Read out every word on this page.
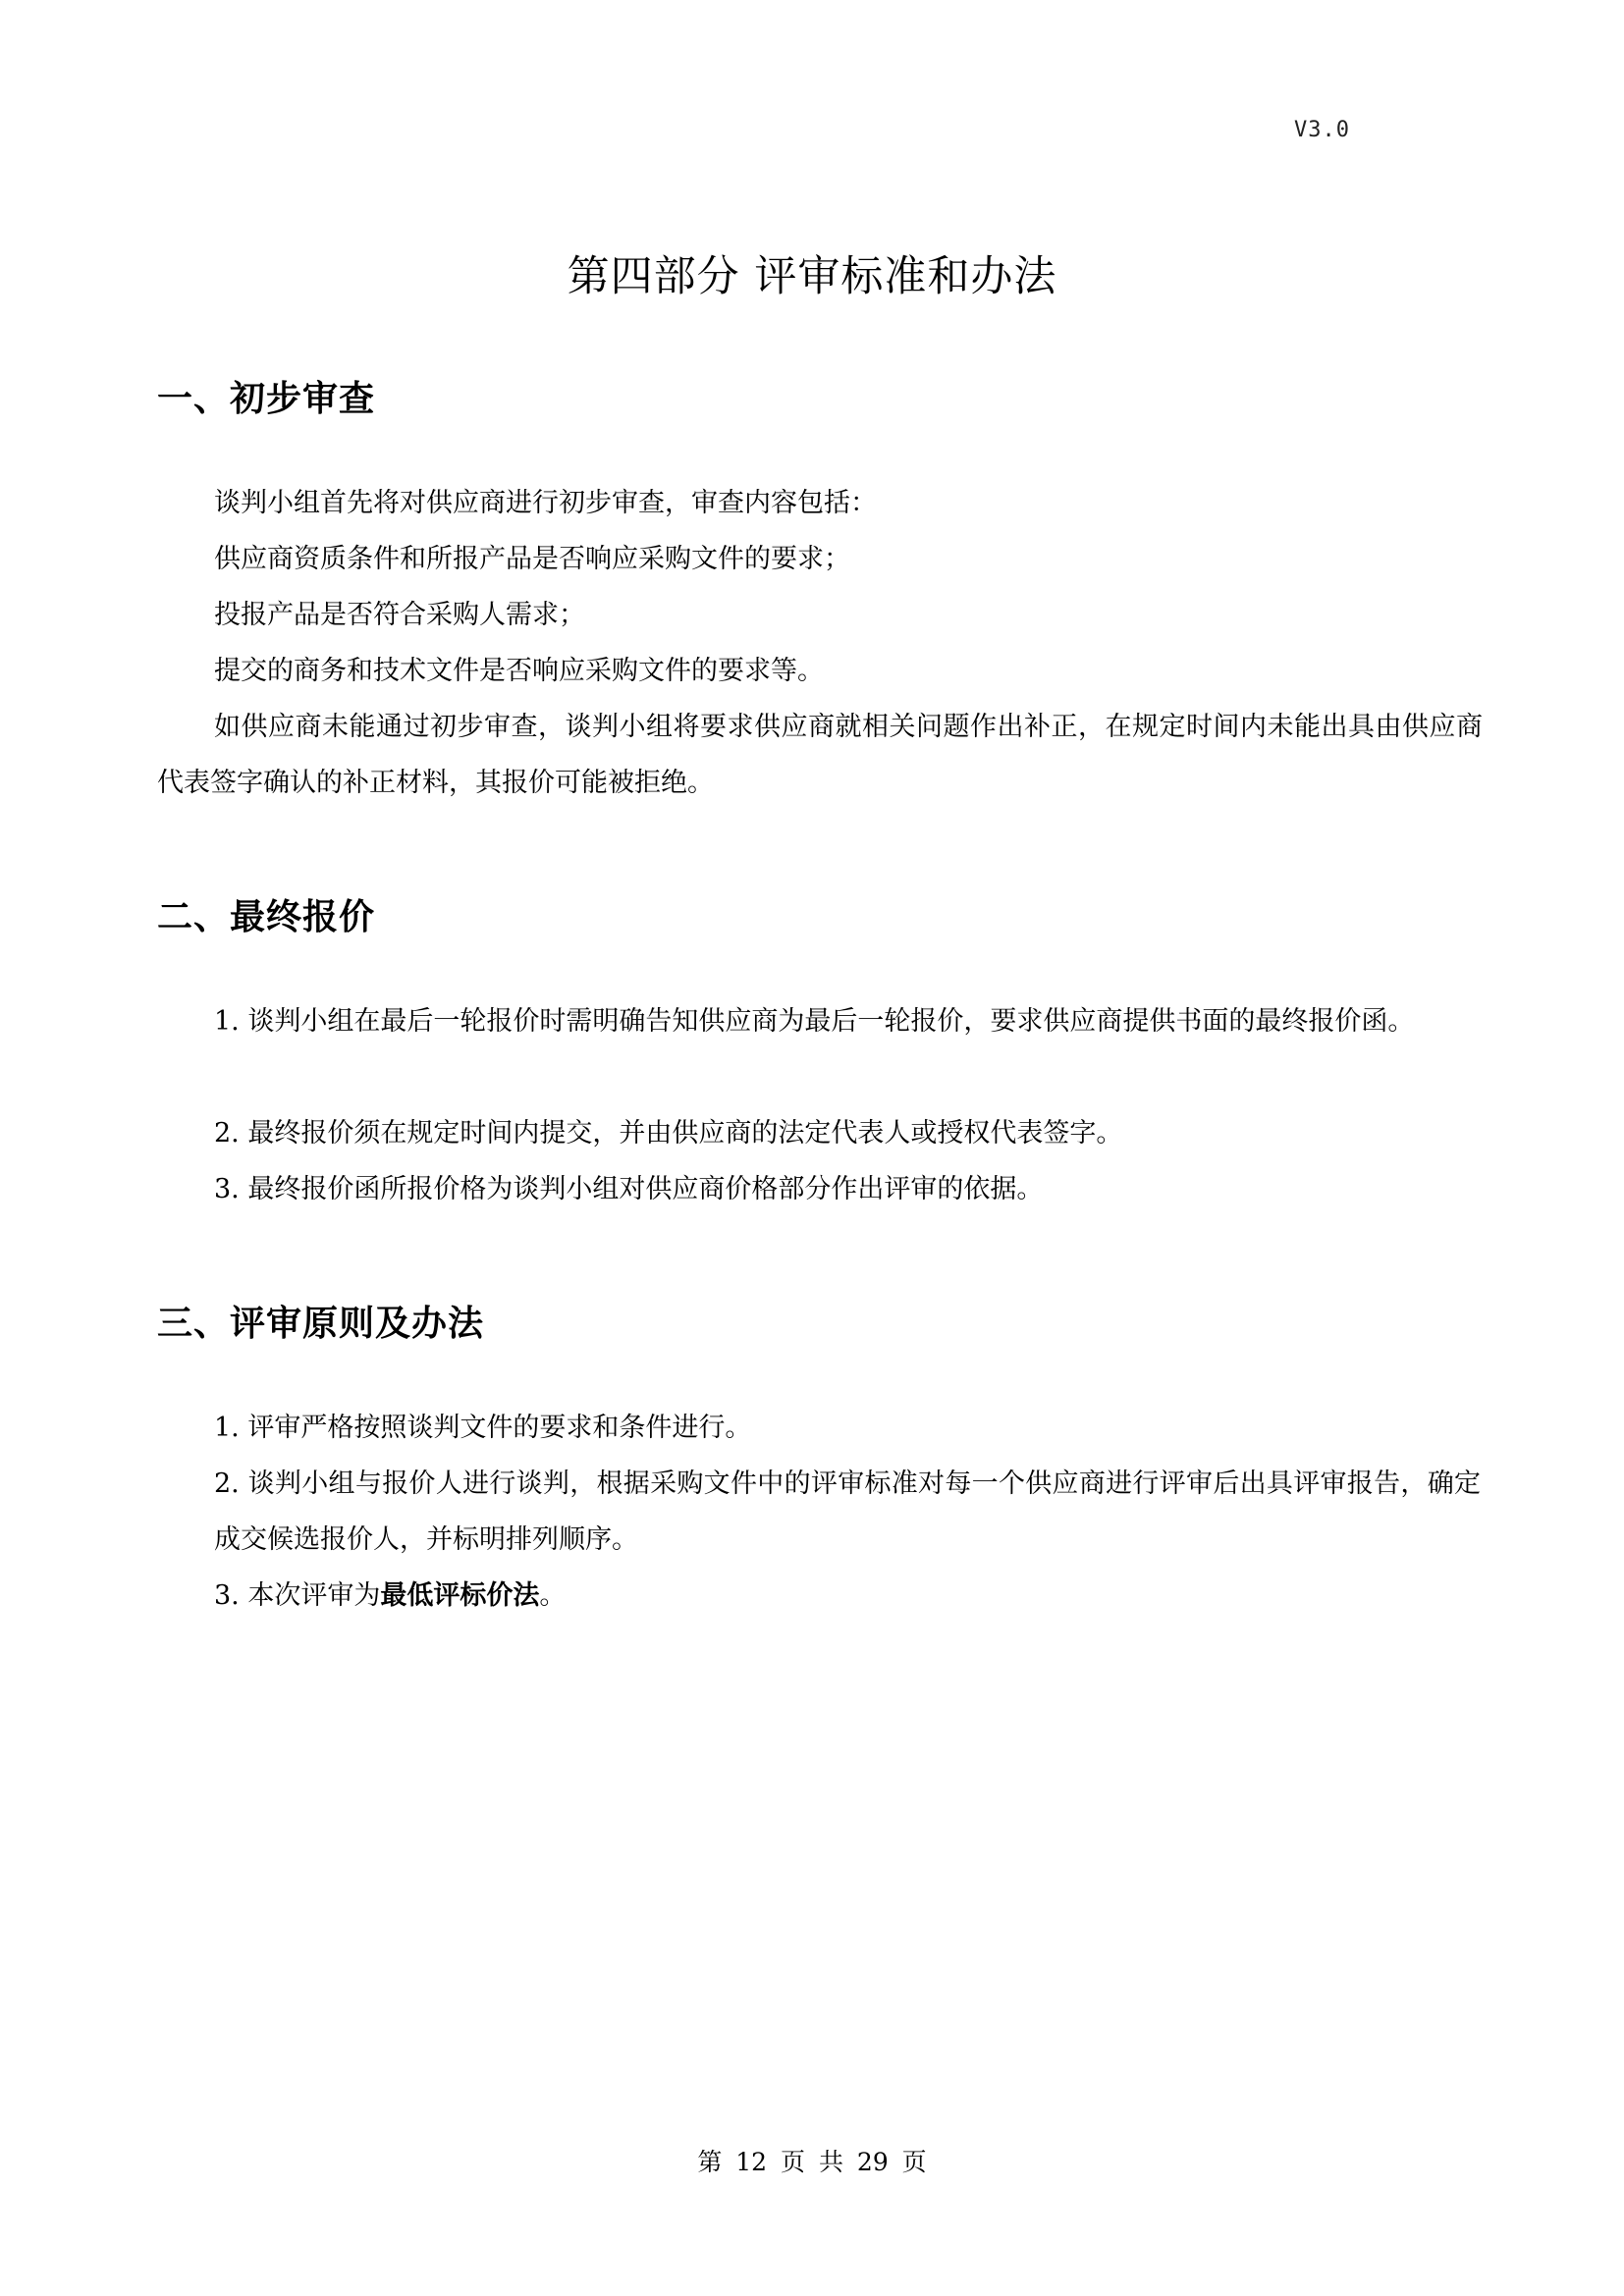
V3.0
第四部分 评审标准和办法
一、初步审查

谈判小组首先将对供应商进行初步审查，审查内容包括：

供应商资质条件和所报产品是否响应采购文件的要求；

投报产品是否符合采购人需求；

提交的商务和技术文件是否响应采购文件的要求等。

如供应商未能通过初步审查，谈判小组将要求供应商就相关问题作出补正，在规定时间内未能出具由供应商代表签字确认的补正材料，其报价可能被拒绝。

二、最终报价

1. 谈判小组在最后一轮报价时需明确告知供应商为最后一轮报价，要求供应商提供书面的最终报价函。

2. 最终报价须在规定时间内提交，并由供应商的法定代表人或授权代表签字。

3. 最终报价函所报价格为谈判小组对供应商价格部分作出评审的依据。

三、评审原则及办法

1. 评审严格按照谈判文件的要求和条件进行。

2. 谈判小组与报价人进行谈判，根据采购文件中的评审标准对每一个供应商进行评审后出具评审报告，确定成交候选报价人，并标明排列顺序。

3. 本次评审为最低评标价法。

第 12 页 共 29 页
